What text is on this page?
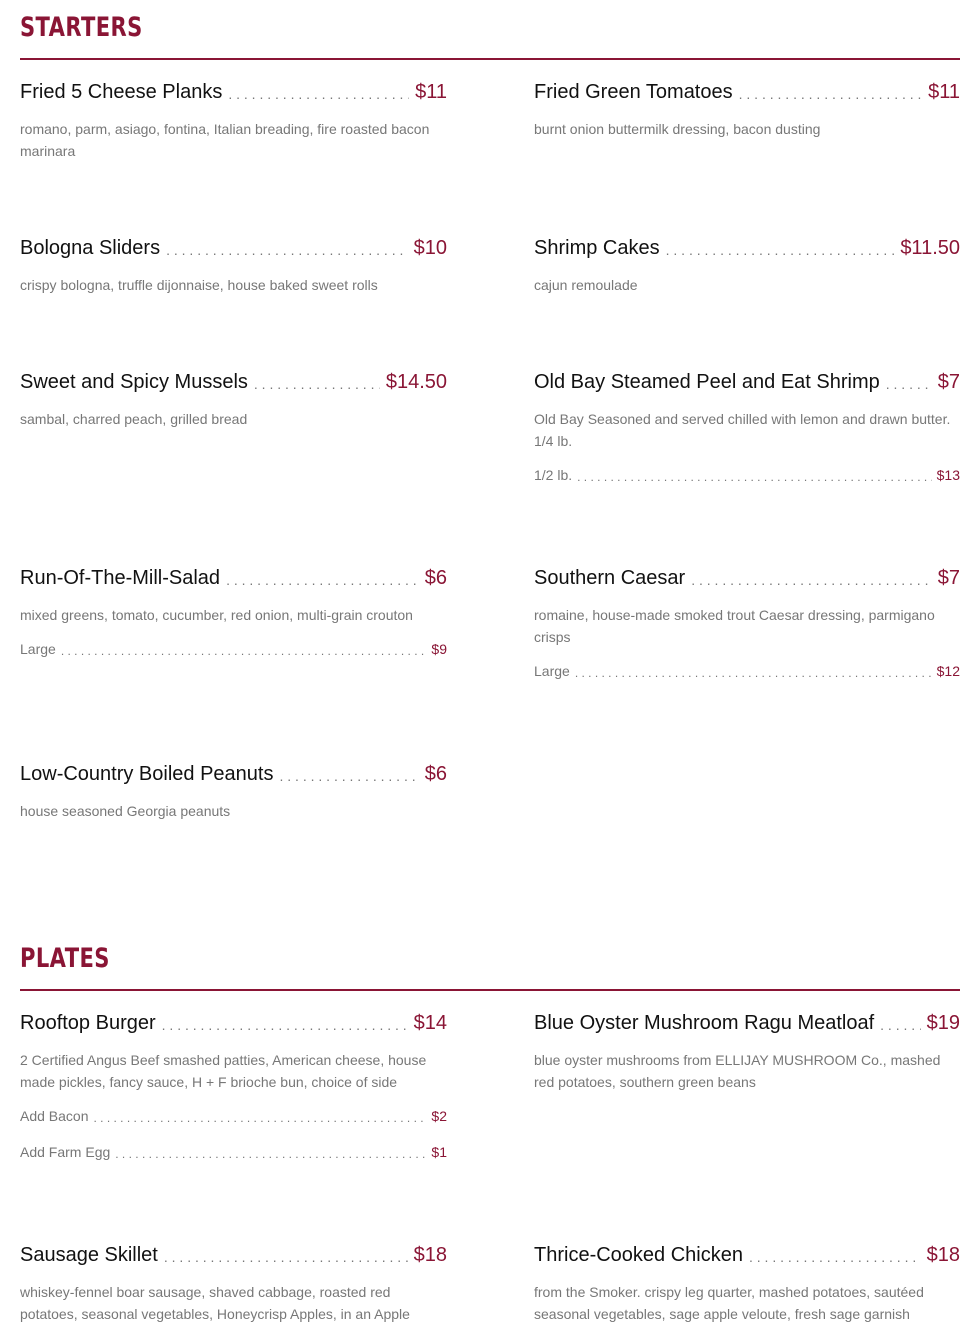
STARTERS
Fried 5 Cheese Planks . . .	$11
romano, parm, asiago, fontina, Italian breading, fire roasted bacon marinara
Fried Green Tomatoes . . .	$11
burnt onion buttermilk dressing, bacon dusting
Bologna Sliders . . .	$10
crispy bologna, truffle dijonnaise, house baked sweet rolls
Shrimp Cakes . . .	$11.50
cajun remoulade
Sweet and Spicy Mussels . . .	$14.50
sambal, charred peach, grilled bread
Old Bay Steamed Peel and Eat Shrimp . . .	$7
Old Bay Seasoned and served chilled with lemon and drawn butter. 1/4 lb.
1/2 lb. . . .	$13
Run-Of-The-Mill-Salad . . .	$6
mixed greens, tomato, cucumber, red onion, multi-grain crouton
Large . . .	$9
Southern Caesar . . .	$7
romaine, house-made smoked trout Caesar dressing, parmigano crisps
Large . . .	$12
Low-Country Boiled Peanuts . . .	$6
house seasoned Georgia peanuts
PLATES
Rooftop Burger . . .	$14
2 Certified Angus Beef smashed patties, American cheese, house made pickles, fancy sauce, H + F brioche bun, choice of side
Add Bacon . . .	$2
Add Farm Egg . . .	$1
Blue Oyster Mushroom Ragu Meatloaf . . .	$19
blue oyster mushrooms from ELLIJAY MUSHROOM Co., mashed red potatoes, southern green beans
Sausage Skillet . . .	$18
whiskey-fennel boar sausage, shaved cabbage, roasted red potatoes, seasonal vegetables, Honeycrisp Apples, in an Apple
Thrice-Cooked Chicken . . .	$18
from the Smoker. crispy leg quarter, mashed potatoes, sautéed seasonal vegetables, sage apple veloute, fresh sage garnish
